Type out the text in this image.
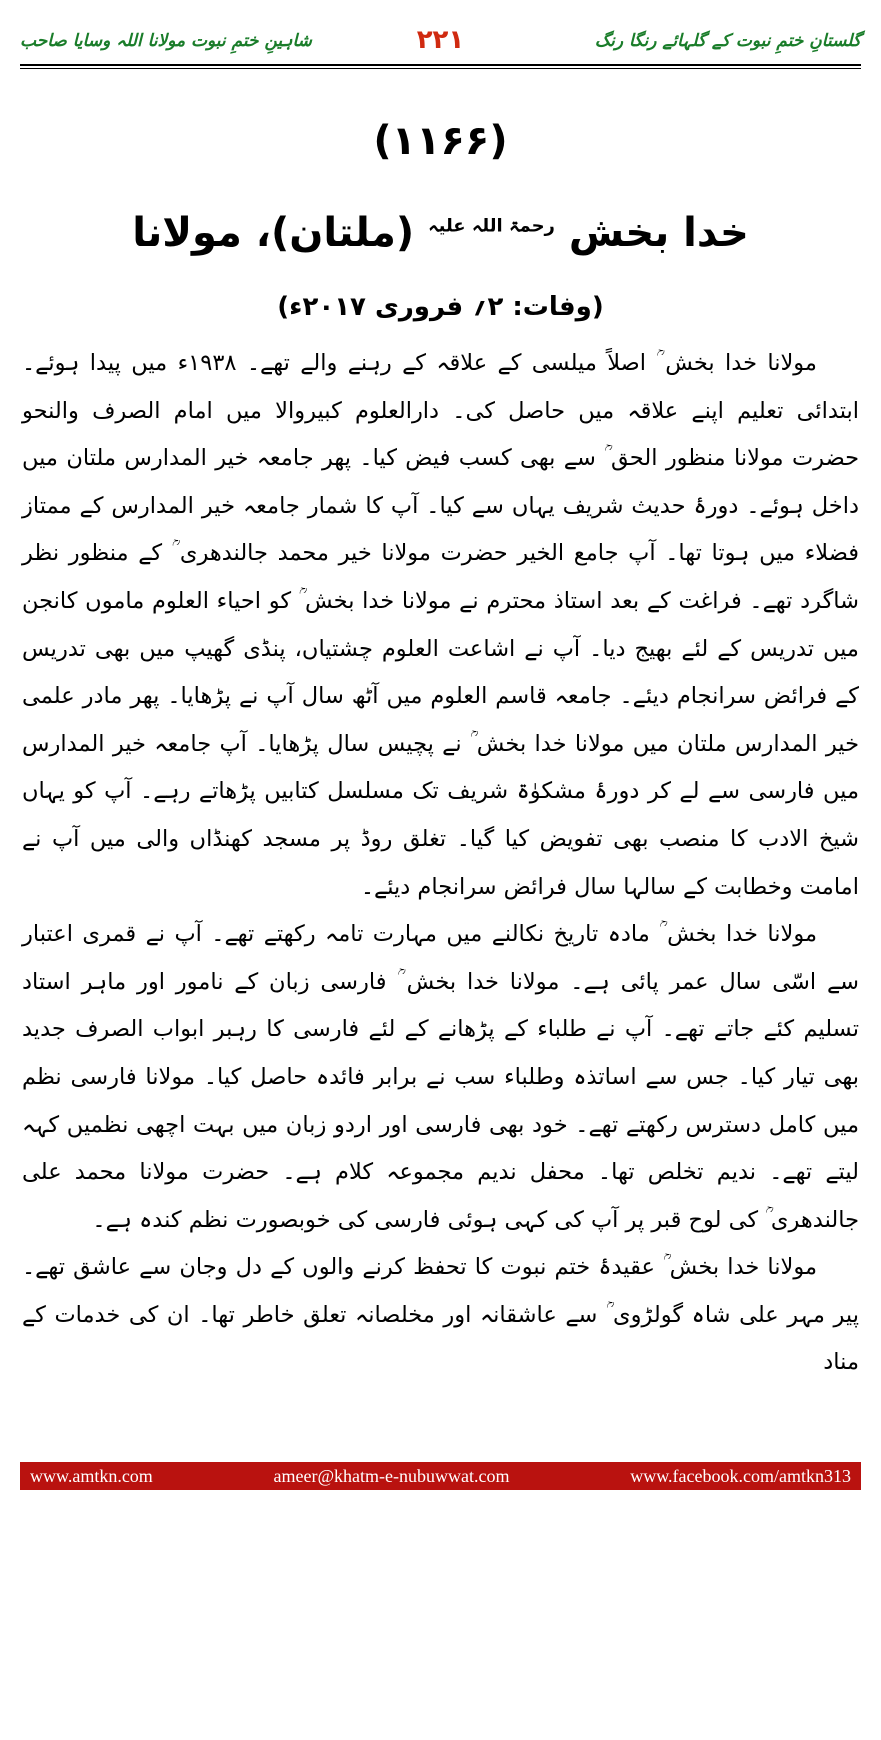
شاہینِ ختمِ نبوت مولانا اللہ وسایا صاحب	۲۲۱	گلستانِ ختمِ نبوت کے گلہائے رنگا رنگ
(۱۱۶۶)
خدا بخش $^{رحمۃ اللہ علیہ}$ (ملتان)، مولانا
(وفات: ۲؍ فروری ۲۰۱۷ء)

مولانا خدا بخش ؒ اصلاً میلسی کے علاقہ کے رہنے والے تھے۔ ۱۹۳۸ء میں پیدا ہوئے۔ ابتدائی تعلیم اپنے علاقہ میں حاصل کی۔ دارالعلوم کبیروالا میں امام الصرف والنحو حضرت مولانا منظور الحق ؒ سے بھی کسب فیض کیا۔ پھر جامعہ خیر المدارس ملتان میں داخل ہوئے۔ دورۂ حدیث شریف یہاں سے کیا۔ آپ کا شمار جامعہ خیر المدارس کے ممتاز فضلاء میں ہوتا تھا۔ آپ جامع الخیر حضرت مولانا خیر محمد جالندھری ؒ کے منظور نظر شاگرد تھے۔ فراغت کے بعد استاذ محترم نے مولانا خدا بخش ؒ کو احیاء العلوم ماموں کانجن میں تدریس کے لئے بھیج دیا۔ آپ نے اشاعت العلوم چشتیاں، پنڈی گھیپ میں بھی تدریس کے فرائض سرانجام دیئے۔ جامعہ قاسم العلوم میں آٹھ سال آپ نے پڑھایا۔ پھر مادر علمی خیر المدارس ملتان میں مولانا خدا بخش ؒ نے پچیس سال پڑھایا۔ آپ جامعہ خیر المدارس میں فارسی سے لے کر دورۂ مشکوٰۃ شریف تک مسلسل کتابیں پڑھاتے رہے۔ آپ کو یہاں شیخ الادب کا منصب بھی تفویض کیا گیا۔ تغلق روڈ پر مسجد کھنڈاں والی میں آپ نے امامت وخطابت کے سالہا سال فرائض سرانجام دیئے۔

مولانا خدا بخش ؒ مادہ تاریخ نکالنے میں مہارت تامہ رکھتے تھے۔ آپ نے قمری اعتبار سے اسّی سال عمر پائی ہے۔ مولانا خدا بخش ؒ فارسی زبان کے نامور اور ماہر استاد تسلیم کئے جاتے تھے۔ آپ نے طلباء کے پڑھانے کے لئے فارسی کا رہبر ابواب الصرف جدید بھی تیار کیا۔ جس سے اساتذہ وطلباء سب نے برابر فائدہ حاصل کیا۔ مولانا فارسی نظم میں کامل دسترس رکھتے تھے۔ خود بھی فارسی اور اردو زبان میں بہت اچھی نظمیں کہہ لیتے تھے۔ ندیم تخلص تھا۔ محفل ندیم مجموعہ کلام ہے۔ حضرت مولانا محمد علی جالندھری ؒ کی لوح قبر پر آپ کی کہی ہوئی فارسی کی خوبصورت نظم کندہ ہے۔

مولانا خدا بخش ؒ عقیدۂ ختم نبوت کا تحفظ کرنے والوں کے دل وجان سے عاشق تھے۔ پیر مہر علی شاہ گولڑوی ؒ سے عاشقانہ اور مخلصانہ تعلق خاطر تھا۔ ان کی خدمات کے مناد

www.amtkn.com	ameer@khatm-e-nubuwwat.com	www.facebook.com/amtkn313
